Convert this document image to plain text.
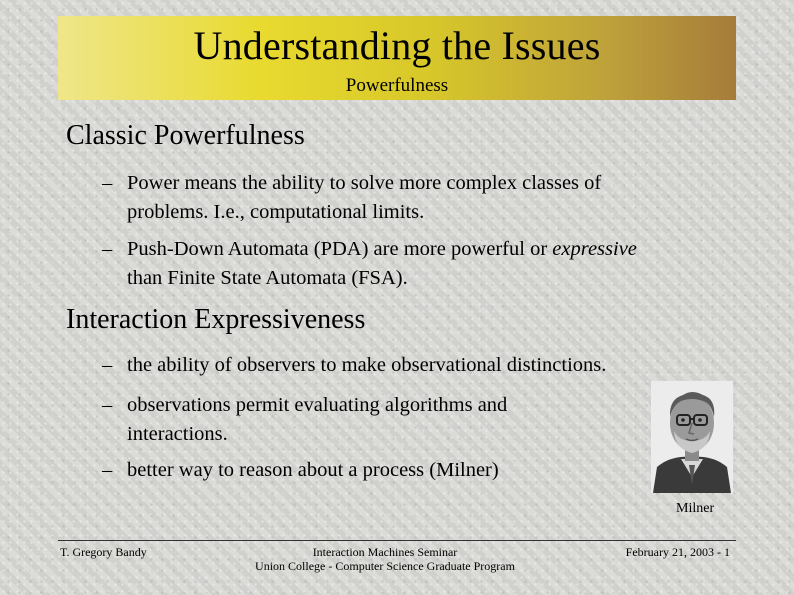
Understanding the Issues
Powerfulness
Classic Powerfulness
– Power means the ability to solve more complex classes of
problems. I.e., computational limits.
– Push-Down Automata (PDA) are more powerful or expressive
than Finite State Automata (FSA).
Interaction Expressiveness
– the ability of observers to make observational distinctions.
– observations permit evaluating algorithms and
interactions.
– better way to reason about a process (Milner)
Milner
T. Gregory Bandy	Interaction Machines Seminar
Union College - Computer Science Graduate Program
February 21, 2003 - 1
